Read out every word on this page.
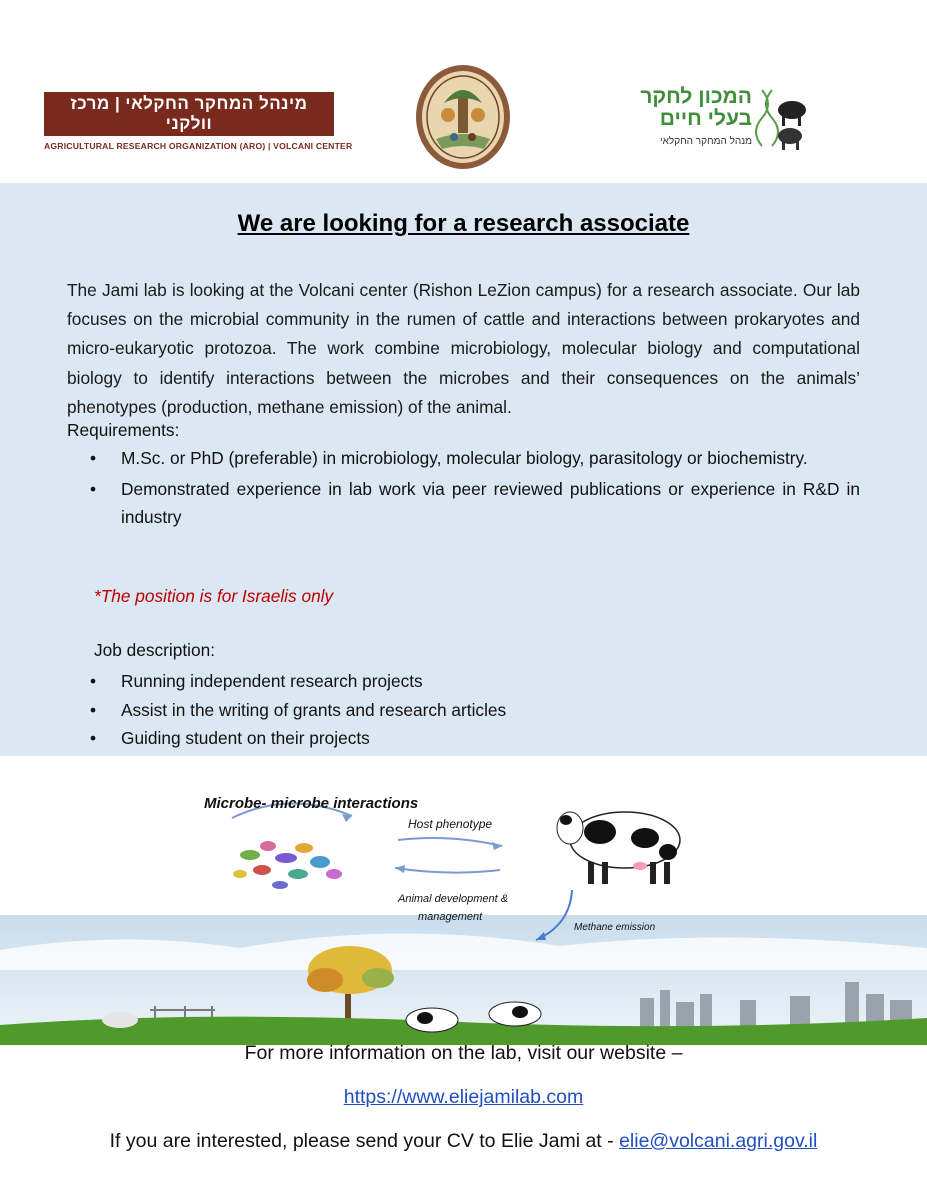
מינהל המחקר החקלאי | מרכז וולקני
AGRICULTURAL RESEARCH ORGANIZATION (ARO) | VOLCANI CENTER
המכון לחקר
בעלי חיים
מנהל המחקר החקלאי
We are looking for a research associate

The Jami lab is looking at the Volcani center (Rishon LeZion campus) for a research associate. Our lab focuses on the microbial community in the rumen of cattle and interactions between prokaryotes and micro-eukaryotic protozoa. The work combine microbiology, molecular biology and computational biology to identify interactions between the microbes and their consequences on the animals’ phenotypes (production, methane emission) of the animal.

Requirements:
• M.Sc. or PhD (preferable) in microbiology, molecular biology, parasitology or biochemistry.
• Demonstrated experience in lab work via peer reviewed publications or experience in R&D in industry
*The position is for Israelis only
Job description:
• Running independent research projects
• Assist in the writing of grants and research articles
• Guiding student on their projects
Microbe- microbe interactions
Host phenotype
Animal development &
management
Methane emission
For more information on the lab, visit our website –
https://www.eliejamilab.com
If you are interested, please send your CV to Elie Jami at - elie@volcani.agri.gov.il
